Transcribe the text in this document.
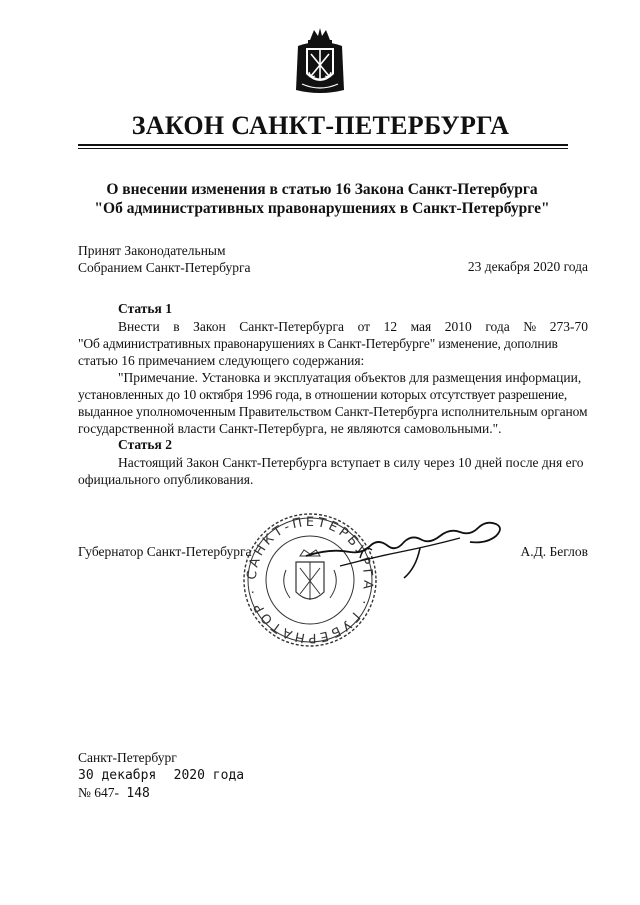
ЗАКОН САНКТ-ПЕТЕРБУРГА
О внесении изменения в статью 16 Закона Санкт-Петербурга
"Об административных правонарушениях в Санкт-Петербурге"
Принят Законодательным
Собранием Санкт-Петербурга	23 декабря 2020 года
Статья 1
Внести в Закон Санкт-Петербурга от 12 мая 2010 года № 273-70
"Об административных правонарушениях в Санкт-Петербурге" изменение, дополнив
статью 16 примечанием следующего содержания:
"Примечание. Установка и эксплуатация объектов для размещения информации,
установленных до 10 октября 1996 года, в отношении которых отсутствует разрешение,
выданное уполномоченным Правительством Санкт-Петербурга исполнительным органом
государственной власти Санкт-Петербурга, не являются самовольными.".
Статья 2
Настоящий Закон Санкт-Петербурга вступает в силу через 10 дней после дня его
официального опубликования.
Губернатор Санкт-Петербурга	А.Д. Беглов
САНКТ-ПЕТЕРБУРГА · ГУБЕРНАТОР ·
Санкт-Петербург
30 декабря 2020 года
№ 647- 148
